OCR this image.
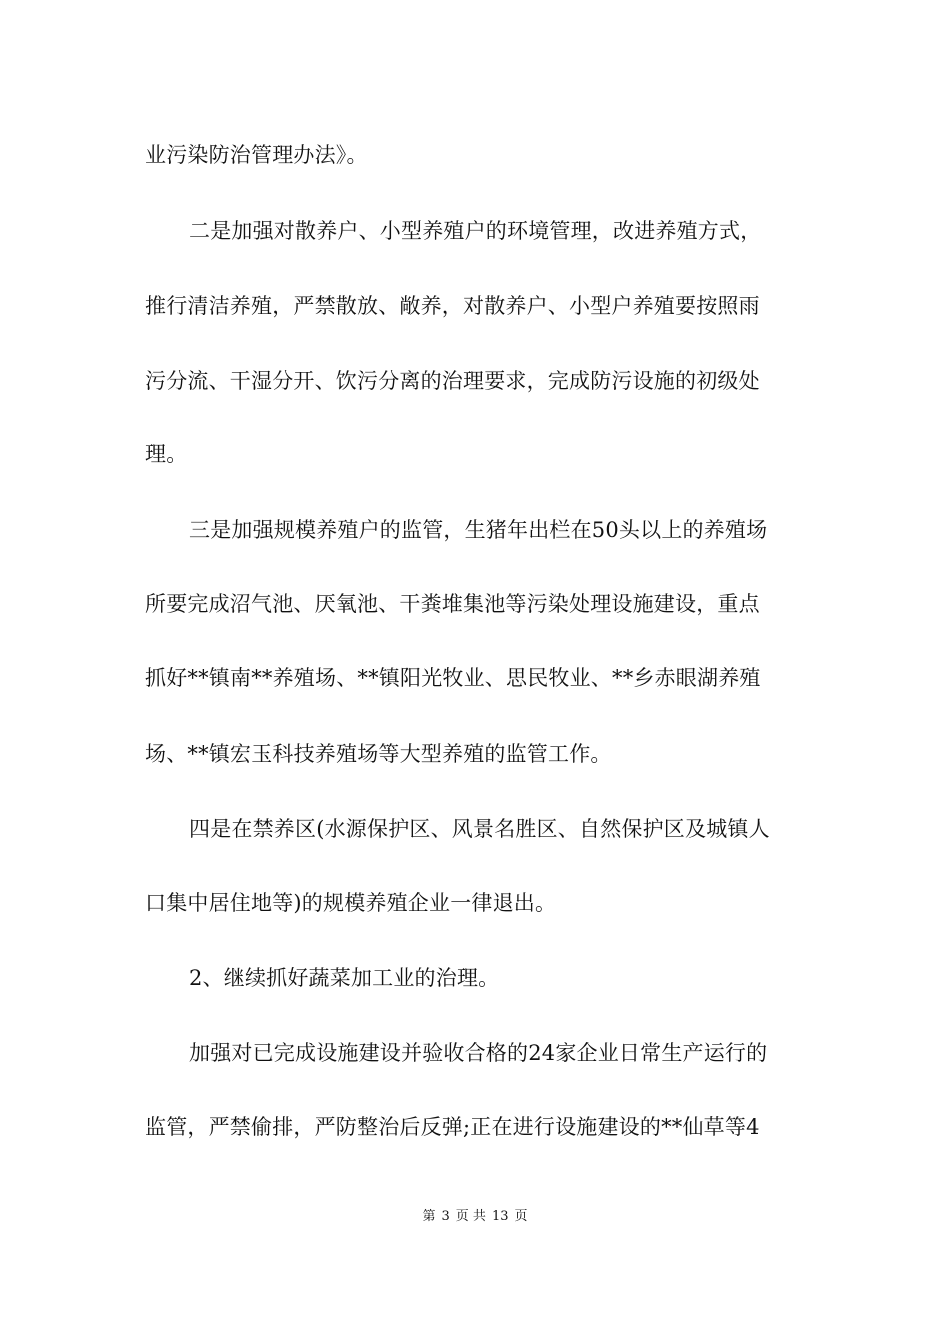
业污染防治管理办法》。
二是加强对散养户、小型养殖户的环境管理，改进养殖方式，
推行清洁养殖，严禁散放、敞养，对散养户、小型户养殖要按照雨
污分流、干湿分开、饮污分离的治理要求，完成防污设施的初级处
理。
三是加强规模养殖户的监管，生猪年出栏在50头以上的养殖场
所要完成沼气池、厌氧池、干粪堆集池等污染处理设施建设，重点
抓好**镇南**养殖场、**镇阳光牧业、思民牧业、**乡赤眼湖养殖
场、**镇宏玉科技养殖场等大型养殖的监管工作。
四是在禁养区(水源保护区、风景名胜区、自然保护区及城镇人
口集中居住地等)的规模养殖企业一律退出。
2、继续抓好蔬菜加工业的治理。
加强对已完成设施建设并验收合格的24家企业日常生产运行的
监管，严禁偷排，严防整治后反弹;正在进行设施建设的**仙草等4
第 3 页 共 13 页
